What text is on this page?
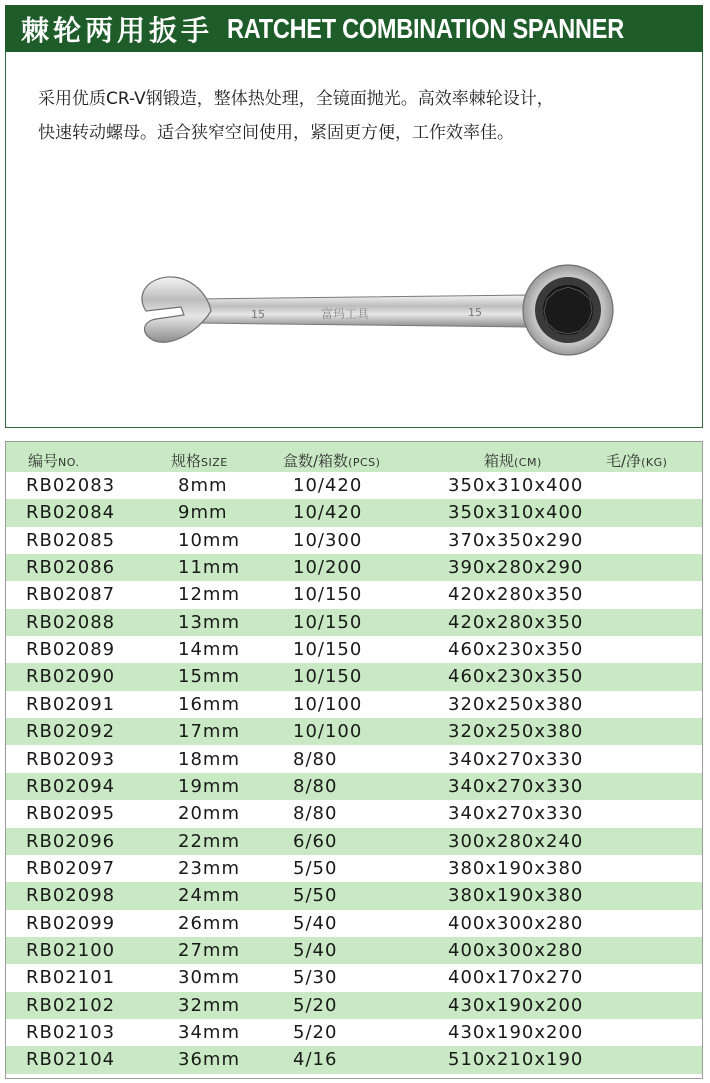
棘轮两用扳手 RATCHET COMBINATION SPANNER
采用优质CR-V钢锻造，整体热处理，全镜面抛光。高效率棘轮设计，
快速转动螺母。适合狭窄空间使用，紧固更方便，工作效率佳。
15	富玛工具	15
编号NO.	规格SIZE	盒数/箱数(PCS)	箱规(CM)	毛/净(KG)
RB02083	8mm	10/420	350x310x400
RB02084	9mm	10/420	350x310x400
RB02085	10mm	10/300	370x350x290
RB02086	11mm	10/200	390x280x290
RB02087	12mm	10/150	420x280x350
RB02088	13mm	10/150	420x280x350
RB02089	14mm	10/150	460x230x350
RB02090	15mm	10/150	460x230x350
RB02091	16mm	10/100	320x250x380
RB02092	17mm	10/100	320x250x380
RB02093	18mm	8/80	340x270x330
RB02094	19mm	8/80	340x270x330
RB02095	20mm	8/80	340x270x330
RB02096	22mm	6/60	300x280x240
RB02097	23mm	5/50	380x190x380
RB02098	24mm	5/50	380x190x380
RB02099	26mm	5/40	400x300x280
RB02100	27mm	5/40	400x300x280
RB02101	30mm	5/30	400x170x270
RB02102	32mm	5/20	430x190x200
RB02103	34mm	5/20	430x190x200
RB02104	36mm	4/16	510x210x190
